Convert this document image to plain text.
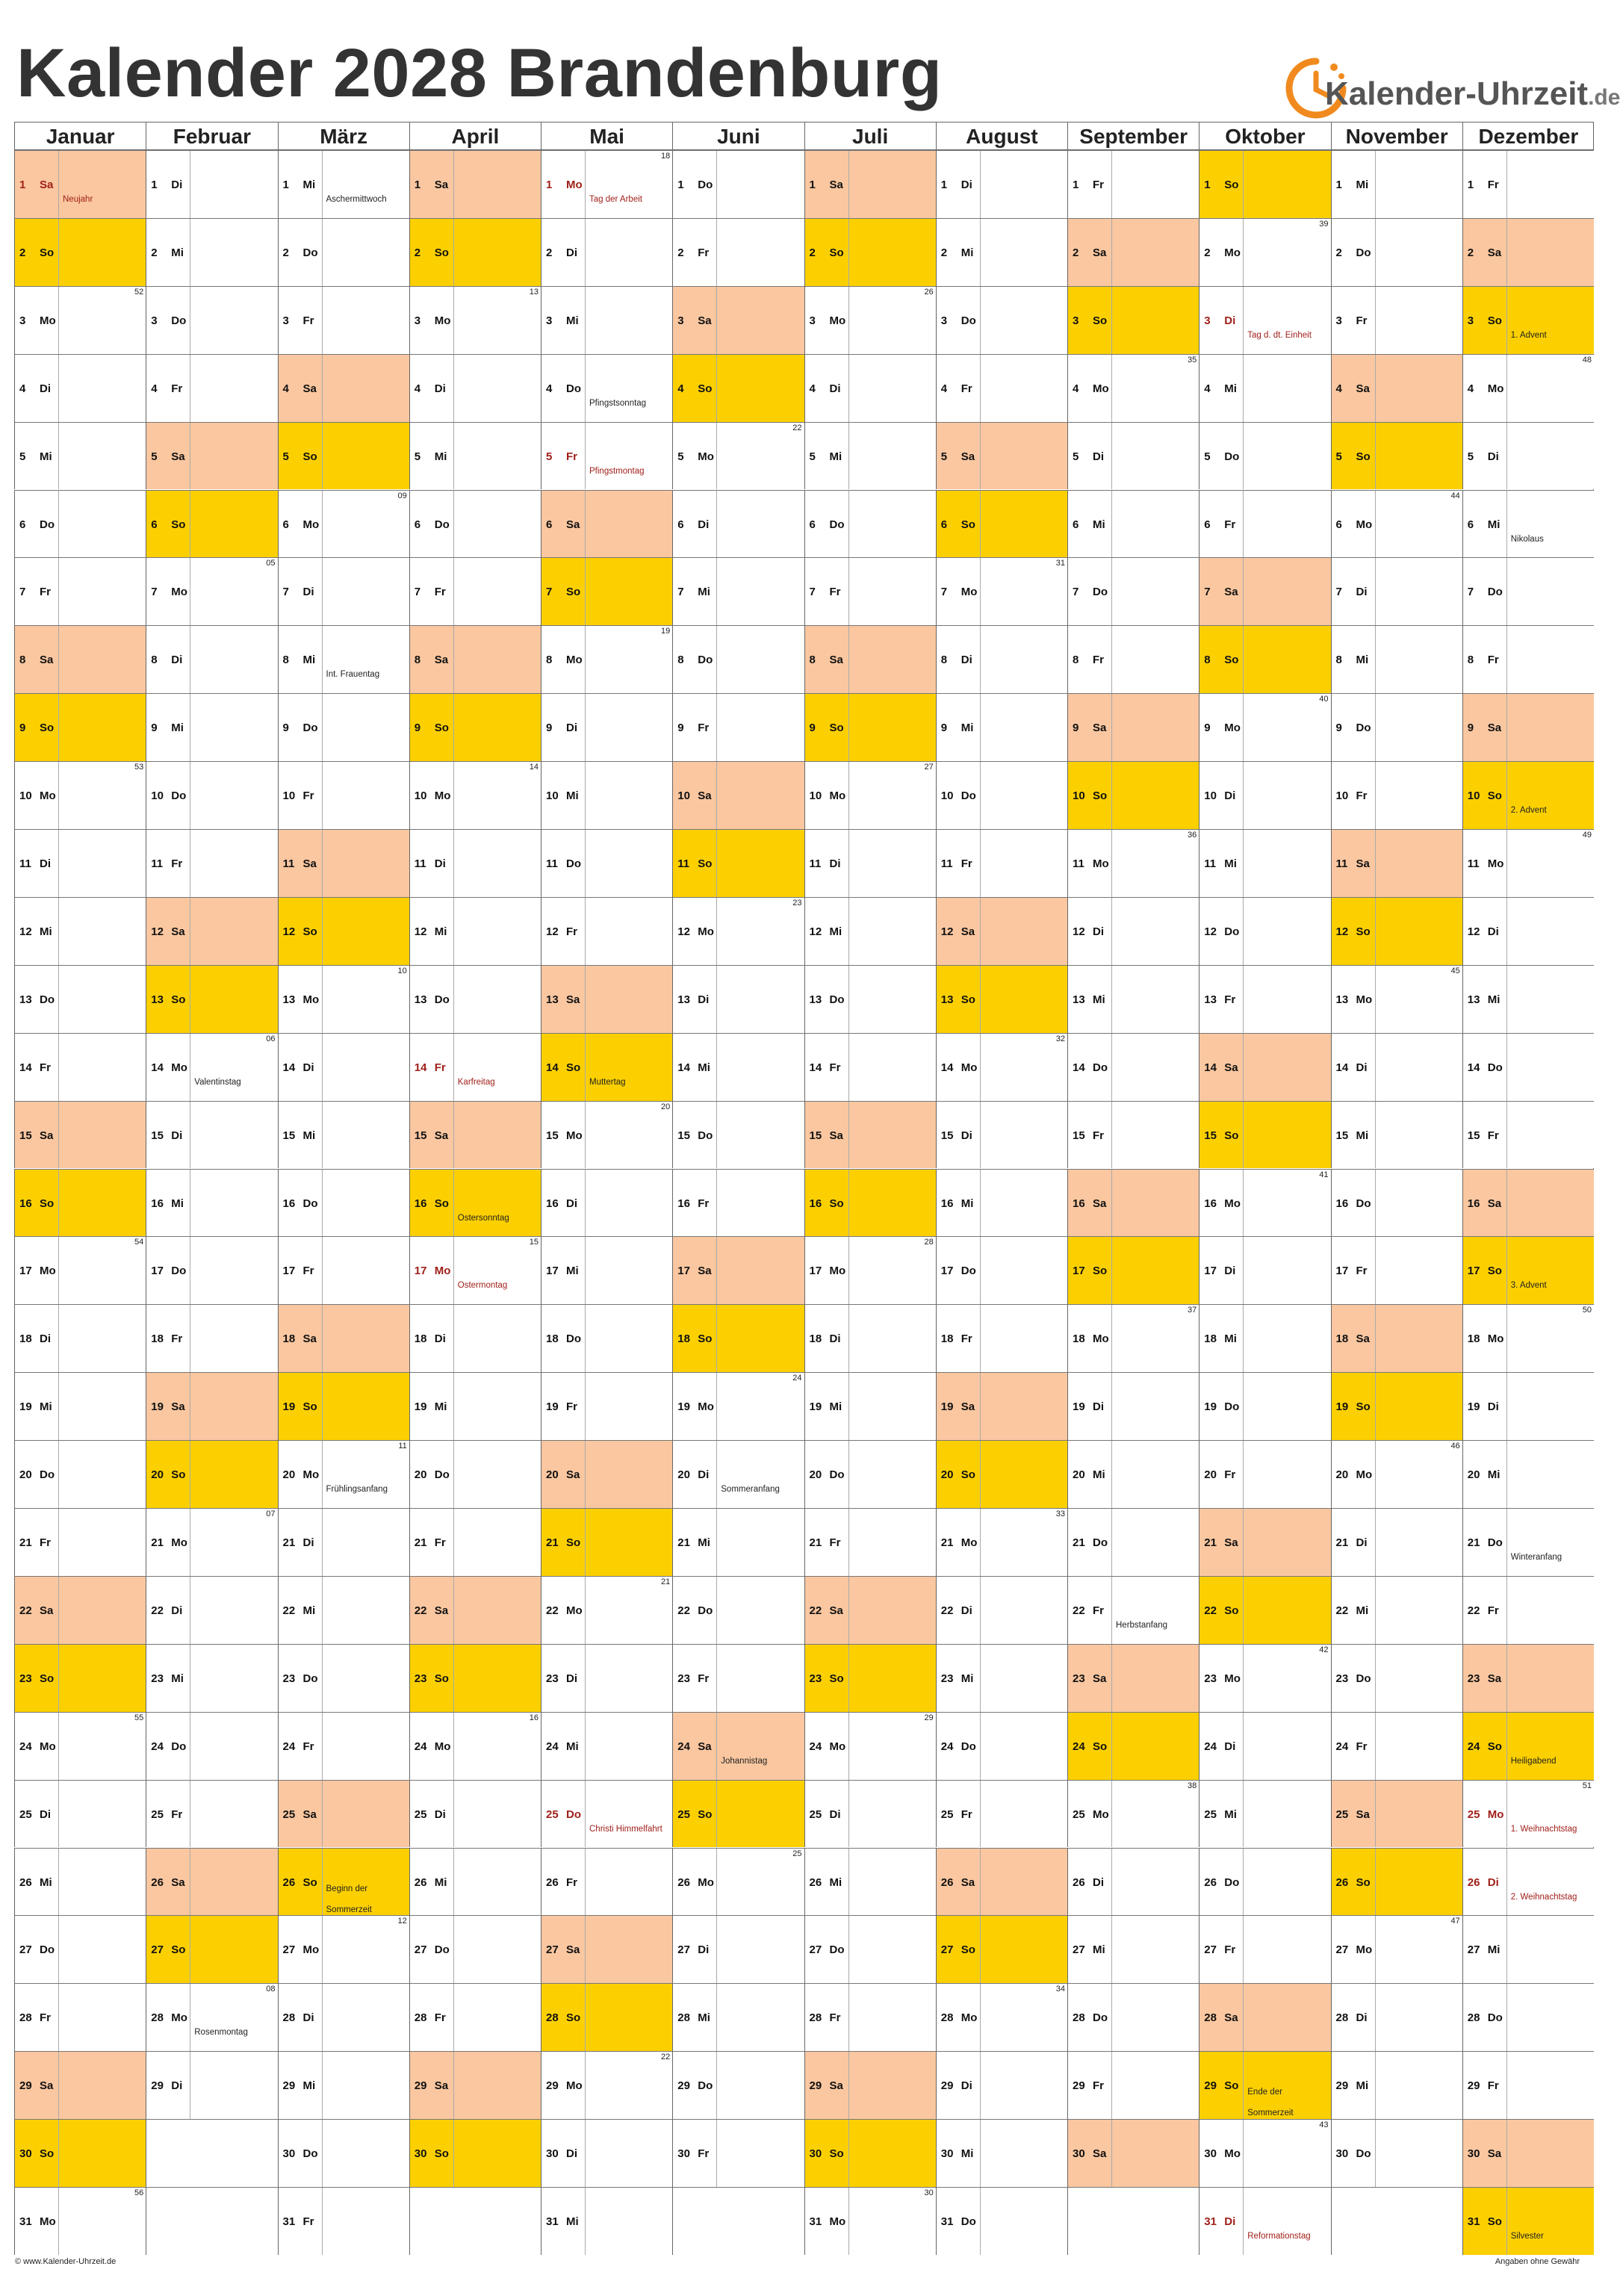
Kalender 2028 Brandenburg	Kalender-Uhrzeit.de
Januar
1 Sa
Neujahr
2 So
3 Mo
52
4 Di
5 Mi
6 Do
7 Fr
8 Sa
9 So
10 Mo
53
11 Di
12 Mi
13 Do
14 Fr
15 Sa
16 So
17 Mo
54
18 Di
19 Mi
20 Do
21 Fr
22 Sa
23 So
24 Mo
55
25 Di
26 Mi
27 Do
28 Fr
29 Sa
30 So
31 Mo
56
Februar
1 Di
2 Mi
3 Do
4 Fr
5 Sa
6 So
7 Mo
05
8 Di
9 Mi
10 Do
11 Fr
12 Sa
13 So
14 Mo
Valentinstag
06
15 Di
16 Mi
17 Do
18 Fr
19 Sa
20 So
21 Mo
07
22 Di
23 Mi
24 Do
25 Fr
26 Sa
27 So
28 Mo
Rosenmontag
08
29 Di
März
1 Mi
Aschermittwoch
2 Do
3 Fr
4 Sa
5 So
6 Mo
09
7 Di
8 Mi
Int. Frauentag
9 Do
10 Fr
11 Sa
12 So
13 Mo
10
14 Di
15 Mi
16 Do
17 Fr
18 Sa
19 So
20 Mo
Frühlingsanfang
11
21 Di
22 Mi
23 Do
24 Fr
25 Sa
26 So Beginn der
Sommerzeit
27 Mo
12
28 Di
29 Mi
30 Do
31 Fr
April
1 Sa
2 So
3 Mo
13
4 Di
5 Mi
6 Do
7 Fr
8 Sa
9 So
10 Mo
14
11 Di
12 Mi
13 Do
14 Fr
Karfreitag
15 Sa
16 So
Ostersonntag
17 Mo
Ostermontag
15
18 Di
19 Mi
20 Do
21 Fr
22 Sa
23 So
24 Mo
16
25 Di
26 Mi
27 Do
28 Fr
29 Sa
30 So
Mai
1 Mo
Tag der Arbeit
18
2 Di
3 Mi
4 Do
Pfingstsonntag
5 Fr
Pfingstmontag
6 Sa
7 So
8 Mo
19
9 Di
10 Mi
11 Do
12 Fr
13 Sa
14 So
Muttertag
15 Mo
20
16 Di
17 Mi
18 Do
19 Fr
20 Sa
21 So
22 Mo
21
23 Di
24 Mi
25 Do
Christi Himmelfahrt
26 Fr
27 Sa
28 So
29 Mo
22
30 Di
31 Mi
Juni
1 Do
2 Fr
3 Sa
4 So
5 Mo
22
6 Di
7 Mi
8 Do
9 Fr
10 Sa
11 So
12 Mo
23
13 Di
14 Mi
15 Do
16 Fr
17 Sa
18 So
19 Mo
24
20 Di
Sommeranfang
21 Mi
22 Do
23 Fr
24 Sa
Johannistag
25 So
26 Mo
25
27 Di
28 Mi
29 Do
30 Fr
Juli
1 Sa
2 So
3 Mo
26
4 Di
5 Mi
6 Do
7 Fr
8 Sa
9 So
10 Mo
27
11 Di
12 Mi
13 Do
14 Fr
15 Sa
16 So
17 Mo
28
18 Di
19 Mi
20 Do
21 Fr
22 Sa
23 So
24 Mo
29
25 Di
26 Mi
27 Do
28 Fr
29 Sa
30 So
31 Mo
30
August
1 Di
2 Mi
3 Do
4 Fr
5 Sa
6 So
7 Mo
31
8 Di
9 Mi
10 Do
11 Fr
12 Sa
13 So
14 Mo
32
15 Di
16 Mi
17 Do
18 Fr
19 Sa
20 So
21 Mo
33
22 Di
23 Mi
24 Do
25 Fr
26 Sa
27 So
28 Mo
34
29 Di
30 Mi
31 Do
September
1 Fr
2 Sa
3 So
4 Mo
35
5 Di
6 Mi
7 Do
8 Fr
9 Sa
10 So
11 Mo
36
12 Di
13 Mi
14 Do
15 Fr
16 Sa
17 So
18 Mo
37
19 Di
20 Mi
21 Do
22 Fr
Herbstanfang
23 Sa
24 So
25 Mo
38
26 Di
27 Mi
28 Do
29 Fr
30 Sa
Oktober
1 So
2 Mo
39
3 Di
Tag d. dt. Einheit
4 Mi
5 Do
6 Fr
7 Sa
8 So
9 Mo
40
10 Di
11 Mi
12 Do
13 Fr
14 Sa
15 So
16 Mo
41
17 Di
18 Mi
19 Do
20 Fr
21 Sa
22 So
23 Mo
42
24 Di
25 Mi
26 Do
27 Fr
28 Sa
29 So Ende der
Sommerzeit
30 Mo
43
31 Di
Reformationstag
November
1 Mi
2 Do
3 Fr
4 Sa
5 So
6 Mo
44
7 Di
8 Mi
9 Do
10 Fr
11 Sa
12 So
13 Mo
45
14 Di
15 Mi
16 Do
17 Fr
18 Sa
19 So
20 Mo
46
21 Di
22 Mi
23 Do
24 Fr
25 Sa
26 So
27 Mo
47
28 Di
29 Mi
30 Do
Dezember
1 Fr
2 Sa
3 So
1. Advent
4 Mo
48
5 Di
6 Mi
Nikolaus
7 Do
8 Fr
9 Sa
10 So
2. Advent
11 Mo
49
12 Di
13 Mi
14 Do
15 Fr
16 Sa
17 So
3. Advent
18 Mo
50
19 Di
20 Mi
21 Do
Winteranfang
22 Fr
23 Sa
24 So
Heiligabend
25 Mo
1. Weihnachtstag
51
26 Di
2. Weihnachtstag
27 Mi
28 Do
29 Fr
30 Sa
31 So
Silvester
© www.Kalender-Uhrzeit.de	Angaben ohne Gewähr
